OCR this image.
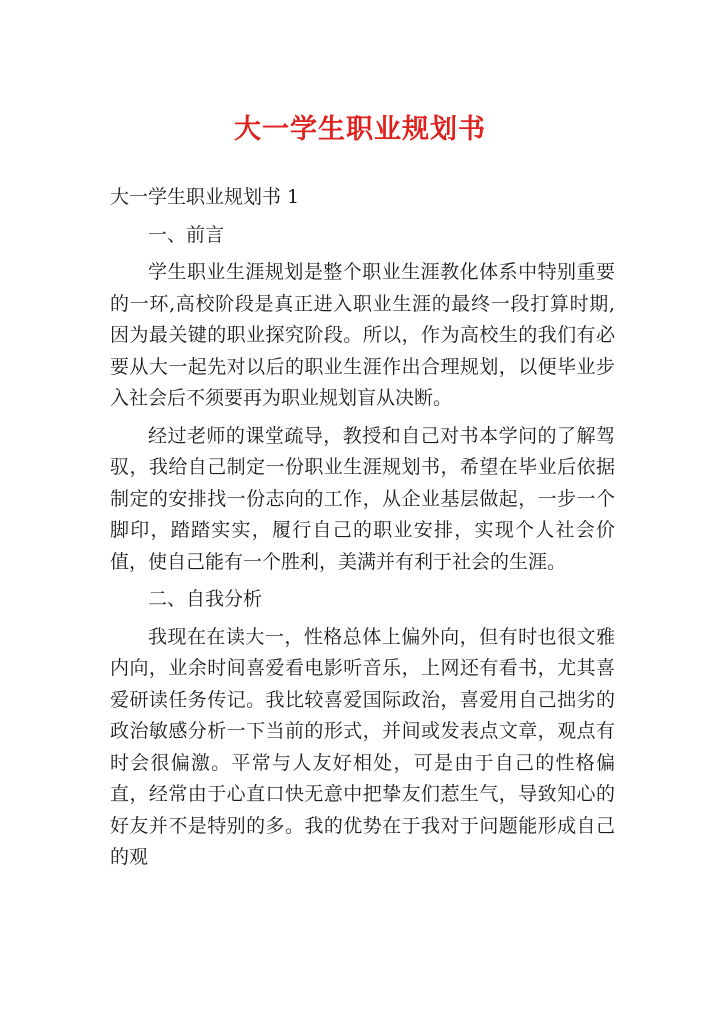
大一学生职业规划书

大一学生职业规划书 1

一、前言

学生职业生涯规划是整个职业生涯教化体系中特别重要的一环,高校阶段是真正进入职业生涯的最终一段打算时期,因为最关键的职业探究阶段。所以，作为高校生的我们有必要从大一起先对以后的职业生涯作出合理规划，以便毕业步入社会后不须要再为职业规划盲从决断。

经过老师的课堂疏导，教授和自己对书本学问的了解驾驭，我给自己制定一份职业生涯规划书，希望在毕业后依据制定的安排找一份志向的工作，从企业基层做起，一步一个脚印，踏踏实实，履行自己的职业安排，实现个人社会价值，使自己能有一个胜利，美满并有利于社会的生涯。

二、自我分析

我现在在读大一，性格总体上偏外向，但有时也很文雅内向，业余时间喜爱看电影听音乐，上网还有看书，尤其喜爱研读任务传记。我比较喜爱国际政治，喜爱用自己拙劣的政治敏感分析一下当前的形式，并间或发表点文章，观点有时会很偏激。平常与人友好相处，可是由于自己的性格偏直，经常由于心直口快无意中把挚友们惹生气，导致知心的好友并不是特别的多。我的优势在于我对于问题能形成自己的观
